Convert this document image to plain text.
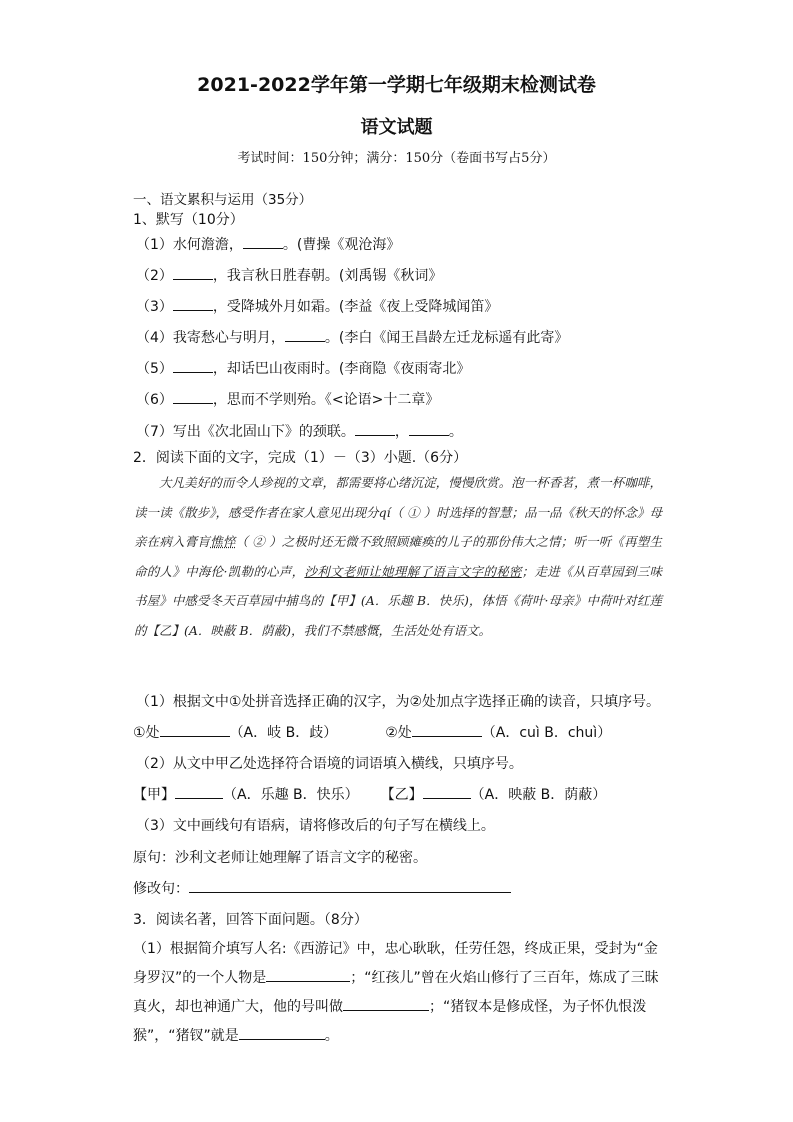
2021-2022学年第一学期七年级期末检测试卷
语文试题
考试时间：150分钟；满分：150分（卷面书写占5分）
一、语文累积与运用（35分）
1、默写（10分）
（1）水何澹澹，	。(曹操《观沧海》
（2）	，我言秋日胜春朝。(刘禹锡《秋词》
（3）	，受降城外月如霜。(李益《夜上受降城闻笛》
（4）我寄愁心与明月，	。(李白《闻王昌龄左迁龙标遥有此寄》
（5）	，却话巴山夜雨时。(李商隐《夜雨寄北》
（6）	，思而不学则殆。《<论语>十二章》
（7）写出《次北固山下》的颈联。	，	。
2．阅读下面的文字，完成（1）－（3）小题.（6分）
大凡美好的而令人珍视的文章，都需要将心绪沉淀，慢慢欣赏。泡一杯香茗，煮一杯咖啡，读一读《散步》，感受作者在家人意见出现分qí（ ① ）时选择的智慧；品一品《秋天的怀念》母亲在病入膏肓憔悴（ ② ）之极时还无微不致照顾瘫痪的儿子的那份伟大之情；听一听《再塑生命的人》中海伦·凯勒的心声，沙利文老师让她理解了语言文字的秘密；走进《从百草园到三味书屋》中感受冬天百草园中捕鸟的【甲】(A．乐趣 B．快乐)，体悟《荷叶·母亲》中荷叶对红莲的【乙】(A．映蔽 B．荫蔽)，我们不禁感慨，生活处处有语文。
（1）根据文中①处拼音选择正确的汉字，为②处加点字选择正确的读音，只填序号。
①处	（A．岐 B．歧）	②处	（A．cuì B．chuì）
（2）从文中甲乙处选择符合语境的词语填入横线，只填序号。
【甲】	（A．乐趣 B．快乐） 【乙】	（A．映蔽 B．荫蔽）
（3）文中画线句有语病，请将修改后的句子写在横线上。
原句：沙利文老师让她理解了语言文字的秘密。
修改句：
3．阅读名著，回答下面问题。（8分）
（1）根据简介填写人名:《西游记》中，忠心耿耿，任劳任怨，终成正果，受封为“金身罗汉”的一个人物是	；“红孩儿”曾在火焰山修行了三百年，炼成了三昧真火，却也神通广大，他的号叫做	；“猪钗本是修成怪，为子怀仇恨泼猴”，“猪钗”就是	。
